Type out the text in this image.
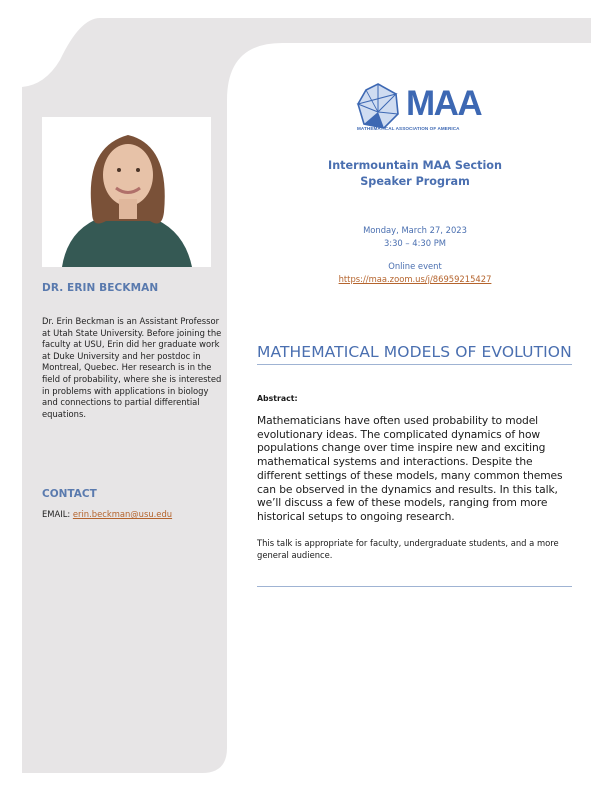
DR. ERIN BECKMAN
Dr. Erin Beckman is an Assistant Professor at Utah State University. Before joining the faculty at USU, Erin did her graduate work at Duke University and her postdoc in Montreal, Quebec. Her research is in the field of probability, where she is interested in problems with applications in biology and connections to partial differential equations.
CONTACT
EMAIL: erin.beckman@usu.edu
MAA
MATHEMATICAL ASSOCIATION OF AMERICA
Intermountain MAA Section
Speaker Program
Monday, March 27, 2023
3:30 – 4:30 PM
Online event
https://maa.zoom.us/j/86959215427
MATHEMATICAL MODELS OF EVOLUTION
Abstract:
Mathematicians have often used probability to model evolutionary ideas. The complicated dynamics of how populations change over time inspire new and exciting mathematical systems and interactions. Despite the different settings of these models, many common themes can be observed in the dynamics and results. In this talk, we’ll discuss a few of these models, ranging from more historical setups to ongoing research.
This talk is appropriate for faculty, undergraduate students, and a more general audience.
